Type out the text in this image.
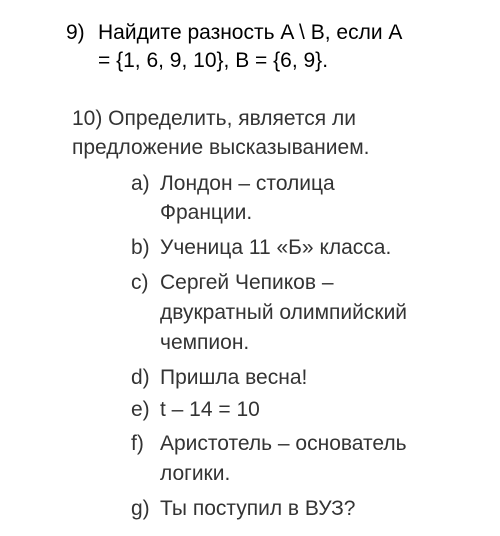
9) Найдите разность A \ B, если A
= {1, 6, 9, 10}, B = {6, 9}.
10) Определить, является ли
предложение высказыванием.
a) Лондон – столица
Франции.
b) Ученица 11 «Б» класса.
c) Сергей Чепиков –
двукратный олимпийский
чемпион.
d) Пришла весна!
e) t – 14 = 10
f) Аристотель – основатель
логики.
g) Ты поступил в ВУЗ?
